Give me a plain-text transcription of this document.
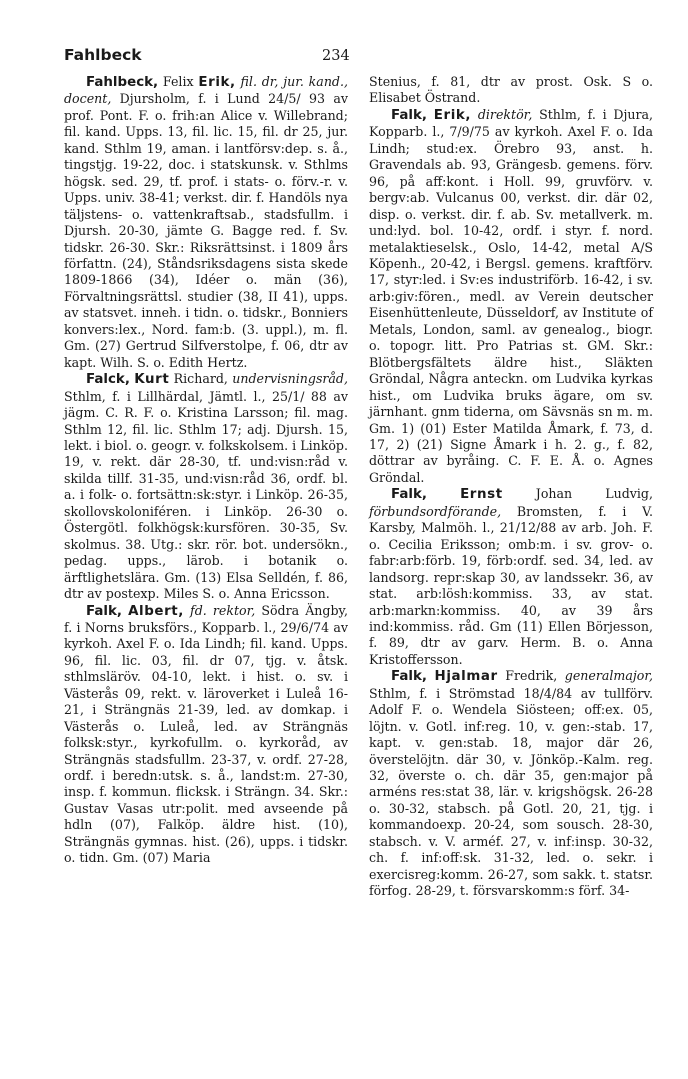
Fahlbeck	234

Fahlbeck, Felix Erik, fil. dr, jur. kand., docent, Djursholm, f. i Lund 24/5/ 93 av prof. Pont. F. o. frih:an Alice v. Willebrand; fil. kand. Upps. 13, fil. lic. 15, fil. dr 25, jur. kand. Sthlm 19, aman. i lantförsv:dep. s. å., tingstjg. 19-22, doc. i statskunsk. v. Sthlms högsk. sed. 29, tf. prof. i stats- o. förv.-r. v. Upps. univ. 38-41; verkst. dir. f. Handöls nya täljstens- o. vattenkraftsab., stadsfullm. i Djursh. 20-30, jämte G. Bagge red. f. Sv. tidskr. 26-30. Skr.: Riksrättsinst. i 1809 års författn. (24), Ståndsriksdagens sista skede 1809-1866 (34), Idéer o. män (36), Förvaltningsrättsl. studier (38, II 41), upps. av statsvet. inneh. i tidn. o. tidskr., Bonniers konvers:lex., Nord. fam:b. (3. uppl.), m. fl. Gm. (27) Gertrud Silfverstolpe, f. 06, dtr av kapt. Wilh. S. o. Edith Hertz.

Falck, Kurt Richard, undervisningsråd, Sthlm, f. i Lillhärdal, Jämtl. l., 25/1/ 88 av jägm. C. R. F. o. Kristina Larsson; fil. mag. Sthlm 12, fil. lic. Sthlm 17; adj. Djursh. 15, lekt. i biol. o. geogr. v. folkskolsem. i Linköp. 19, v. rekt. där 28-30, tf. und:visn:råd v. skilda tillf. 31-35, und:visn:råd 36, ordf. bl. a. i folk- o. fortsättn:sk:styr. i Linköp. 26-35, skollovskoloniféren. i Linköp. 26-30 o. Östergötl. folkhögsk:kursfören. 30-35, Sv. skolmus. 38. Utg.: skr. rör. bot. undersökn., pedag. upps., lärob. i botanik o. ärftlighetslära. Gm. (13) Elsa Selldén, f. 86, dtr av postexp. Miles S. o. Anna Ericsson.

Falk, Albert, fd. rektor, Södra Ängby, f. i Norns bruksförs., Kopparb. l., 29/6/74 av kyrkoh. Axel F. o. Ida Lindh; fil. kand. Upps. 96, fil. lic. 03, fil. dr 07, tjg. v. åtsk. sthlmsläröv. 04-10, lekt. i hist. o. sv. i Västerås 09, rekt. v. läroverket i Luleå 16-21, i Strängnäs 21-39, led. av domkap. i Västerås o. Luleå, led. av Strängnäs folksk:styr., kyrkofullm. o. kyrkoråd, av Strängnäs stadsfullm. 23-37, v. ordf. 27-28, ordf. i beredn:utsk. s. å., landst:m. 27-30, insp. f. kommun. flicksk. i Strängn. 34. Skr.: Gustav Vasas utr:polit. med avseende på hdln (07), Falköp. äldre hist. (10), Strängnäs gymnas. hist. (26), upps. i tidskr. o. tidn. Gm. (07) Maria

Stenius, f. 81, dtr av prost. Osk. S o. Elisabet Östrand.

Falk, Erik, direktör, Sthlm, f. i Djura, Kopparb. l., 7/9/75 av kyrkoh. Axel F. o. Ida Lindh; stud:ex. Örebro 93, anst. h. Gravendals ab. 93, Grängesb. gemens. förv. 96, på aff:kont. i Holl. 99, gruvförv. v. bergv:ab. Vulcanus 00, verkst. dir. där 02, disp. o. verkst. dir. f. ab. Sv. metallverk. m. und:lyd. bol. 10-42, ordf. i styr. f. nord. metalaktieselsk., Oslo, 14-42, metal A/S Köpenh., 20-42, i Bergsl. gemens. kraftförv. 17, styr:led. i Sv:es industriförb. 16-42, i sv. arb:giv:fören., medl. av Verein deutscher Eisenhüttenleute, Düsseldorf, av Institute of Metals, London, saml. av genealog., biogr. o. topogr. litt. Pro Patrias st. GM. Skr.: Blötbergsfältets äldre hist., Släkten Gröndal, Några anteckn. om Ludvika kyrkas hist., om Ludvika bruks ägare, om sv. järnhant. gnm tiderna, om Sävsnäs sn m. m. Gm. 1) (01) Ester Matilda Åmark, f. 73, d. 17, 2) (21) Signe Åmark i h. 2. g., f. 82, döttrar av byråing. C. F. E. Å. o. Agnes Gröndal.

Falk, Ernst Johan Ludvig, förbundsordförande, Bromsten, f. i V. Karsby, Malmöh. l., 21/12/88 av arb. Joh. F. o. Cecilia Eriksson; omb:m. i sv. grov- o. fabr:arb:förb. 19, förb:ordf. sed. 34, led. av landsorg. repr:skap 30, av landssekr. 36, av stat. arb:lösh:kommiss. 33, av stat. arb:markn:kommiss. 40, av 39 års ind:kommiss. råd. Gm (11) Ellen Börjesson, f. 89, dtr av garv. Herm. B. o. Anna Kristoffersson.

Falk, Hjalmar Fredrik, generalmajor, Sthlm, f. i Strömstad 18/4/84 av tullförv. Adolf F. o. Wendela Siösteen; off:ex. 05, löjtn. v. Gotl. inf:reg. 10, v. gen:-stab. 17, kapt. v. gen:stab. 18, major där 26, överstelöjtn. där 30, v. Jönköp.-Kalm. reg. 32, överste o. ch. där 35, gen:major på arméns res:stat 38, lär. v. krigshögsk. 26-28 o. 30-32, stabsch. på Gotl. 20, 21, tjg. i kommandoexp. 20-24, som sousch. 28-30, stabsch. v. V. arméf. 27, v. inf:insp. 30-32, ch. f. inf:off:sk. 31-32, led. o. sekr. i exercisreg:komm. 26-27, som sakk. t. statsr. förfog. 28-29, t. försvarskomm:s förf. 34-
